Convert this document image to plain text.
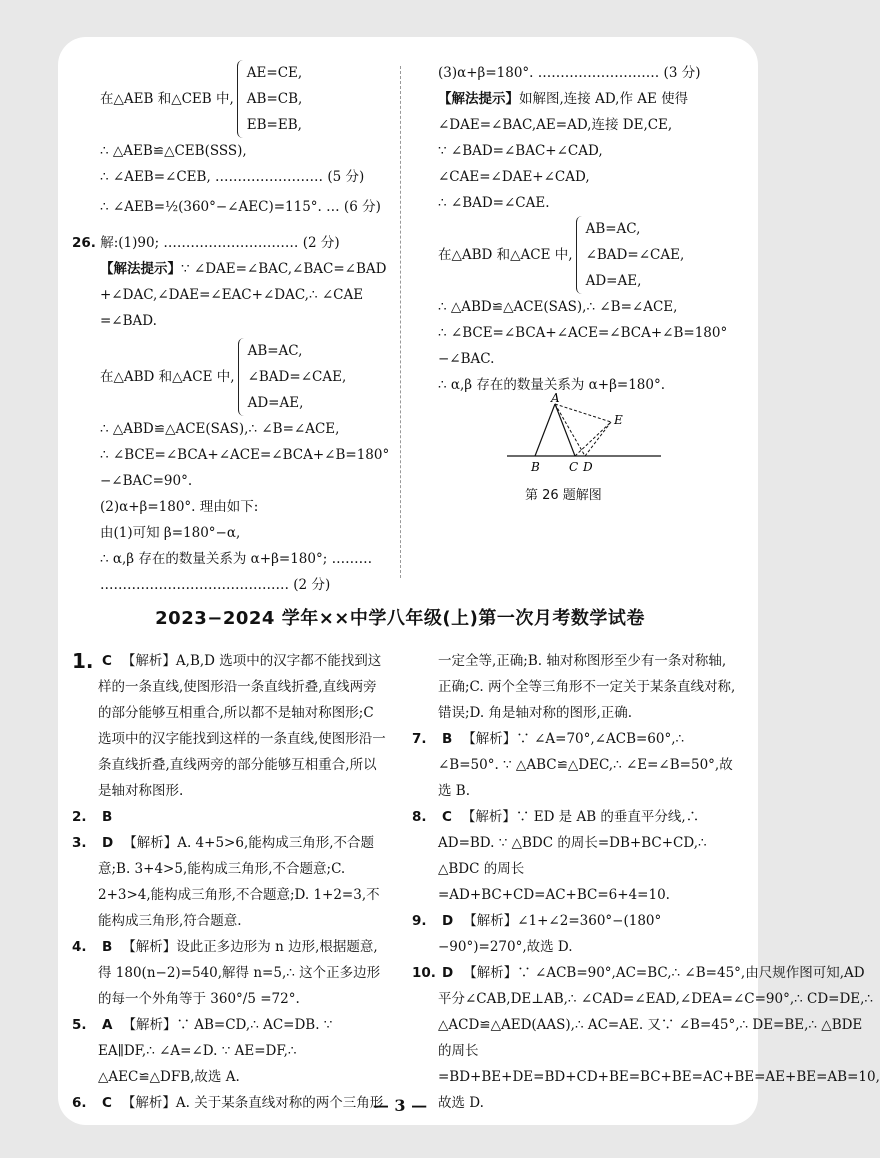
在△AEB 和△CEB 中,

AE=CE,

AB=CB,

EB=EB,

∴ △AEB≌△CEB(SSS),

∴ ∠AEB=∠CEB, …………………… (5 分)

∴ ∠AEB=½(360°−∠AEC)=115°. … (6 分)

26. 解:(1)90; ………………………… (2 分)

【解法提示】∵ ∠DAE=∠BAC,∠BAC=∠BAD

+∠DAC,∠DAE=∠EAC+∠DAC,∴ ∠CAE

=∠BAD.

在△ABD 和△ACE 中,

AB=AC,

∠BAD=∠CAE,

AD=AE,

∴ △ABD≌△ACE(SAS),∴ ∠B=∠ACE,

∴ ∠BCE=∠BCA+∠ACE=∠BCA+∠B=180°

−∠BAC=90°.

(2)α+β=180°. 理由如下:

由(1)可知 β=180°−α,

∴ α,β 存在的数量关系为 α+β=180°; ………

…………………………………… (2 分)

(3)α+β=180°. ……………………… (3 分)

【解法提示】如解图,连接 AD,作 AE 使得

∠DAE=∠BAC,AE=AD,连接 DE,CE,

∵ ∠BAD=∠BAC+∠CAD,

∠CAE=∠DAE+∠CAD,

∴ ∠BAD=∠CAE.

在△ABD 和△ACE 中,

AB=AC,

∠BAD=∠CAE,

AD=AE,

∴ △ABD≌△ACE(SAS),∴ ∠B=∠ACE,

∴ ∠BCE=∠BCA+∠ACE=∠BCA+∠B=180°

−∠BAC.

∴ α,β 存在的数量关系为 α+β=180°.

A
E
B C D
第 26 题解图
2023−2024 学年××中学八年级(上)第一次月考数学试卷
1. C 【解析】A,B,D 选项中的汉字都不能找到这样的一条直线,使图形沿一条直线折叠,直线两旁的部分能够互相重合,所以都不是轴对称图形;C 选项中的汉字能找到这样的一条直线,使图形沿一条直线折叠,直线两旁的部分能够互相重合,所以是轴对称图形.
2.	B
3.	D 【解析】A. 4+5>6,能构成三角形,不合题意;B. 3+4>5,能构成三角形,不合题意;C. 2+3>4,能构成三角形,不合题意;D. 1+2=3,不能构成三角形,符合题意.
4.	B 【解析】设此正多边形为 n 边形,根据题意,得 180(n−2)=540,解得 n=5,∴ 这个正多边形的每一个外角等于 360°/5 =72°.
5.	A 【解析】∵ AB=CD,∴ AC=DB. ∵ EA∥DF,∴ ∠A=∠D. ∵ AE=DF,∴ △AEC≌△DFB,故选 A.
6.	C 【解析】A. 关于某条直线对称的两个三角形
一定全等,正确;B. 轴对称图形至少有一条对称轴,正确;C. 两个全等三角形不一定关于某条直线对称,错误;D. 角是轴对称的图形,正确.
7.	B 【解析】∵ ∠A=70°,∠ACB=60°,∴ ∠B=50°. ∵ △ABC≌△DEC,∴ ∠E=∠B=50°,故选 B.
8.	C 【解析】∵ ED 是 AB 的垂直平分线,∴ AD=BD. ∵ △BDC 的周长=DB+BC+CD,∴ △BDC 的周长=AD+BC+CD=AC+BC=6+4=10.
9.	D 【解析】∠1+∠2=360°−(180°−90°)=270°,故选 D.
10. D 【解析】∵ ∠ACB=90°,AC=BC,∴ ∠B=45°,由尺规作图可知,AD 平分∠CAB,DE⊥AB,∴ ∠CAD=∠EAD,∠DEA=∠C=90°,∴ CD=DE,∴ △ACD≌△AED(AAS),∴ AC=AE. 又∵ ∠B=45°,∴ DE=BE,∴ △BDE 的周长=BD+BE+DE=BD+CD+BE=BC+BE=AC+BE=AE+BE=AB=10,故选 D.
— 3 —
